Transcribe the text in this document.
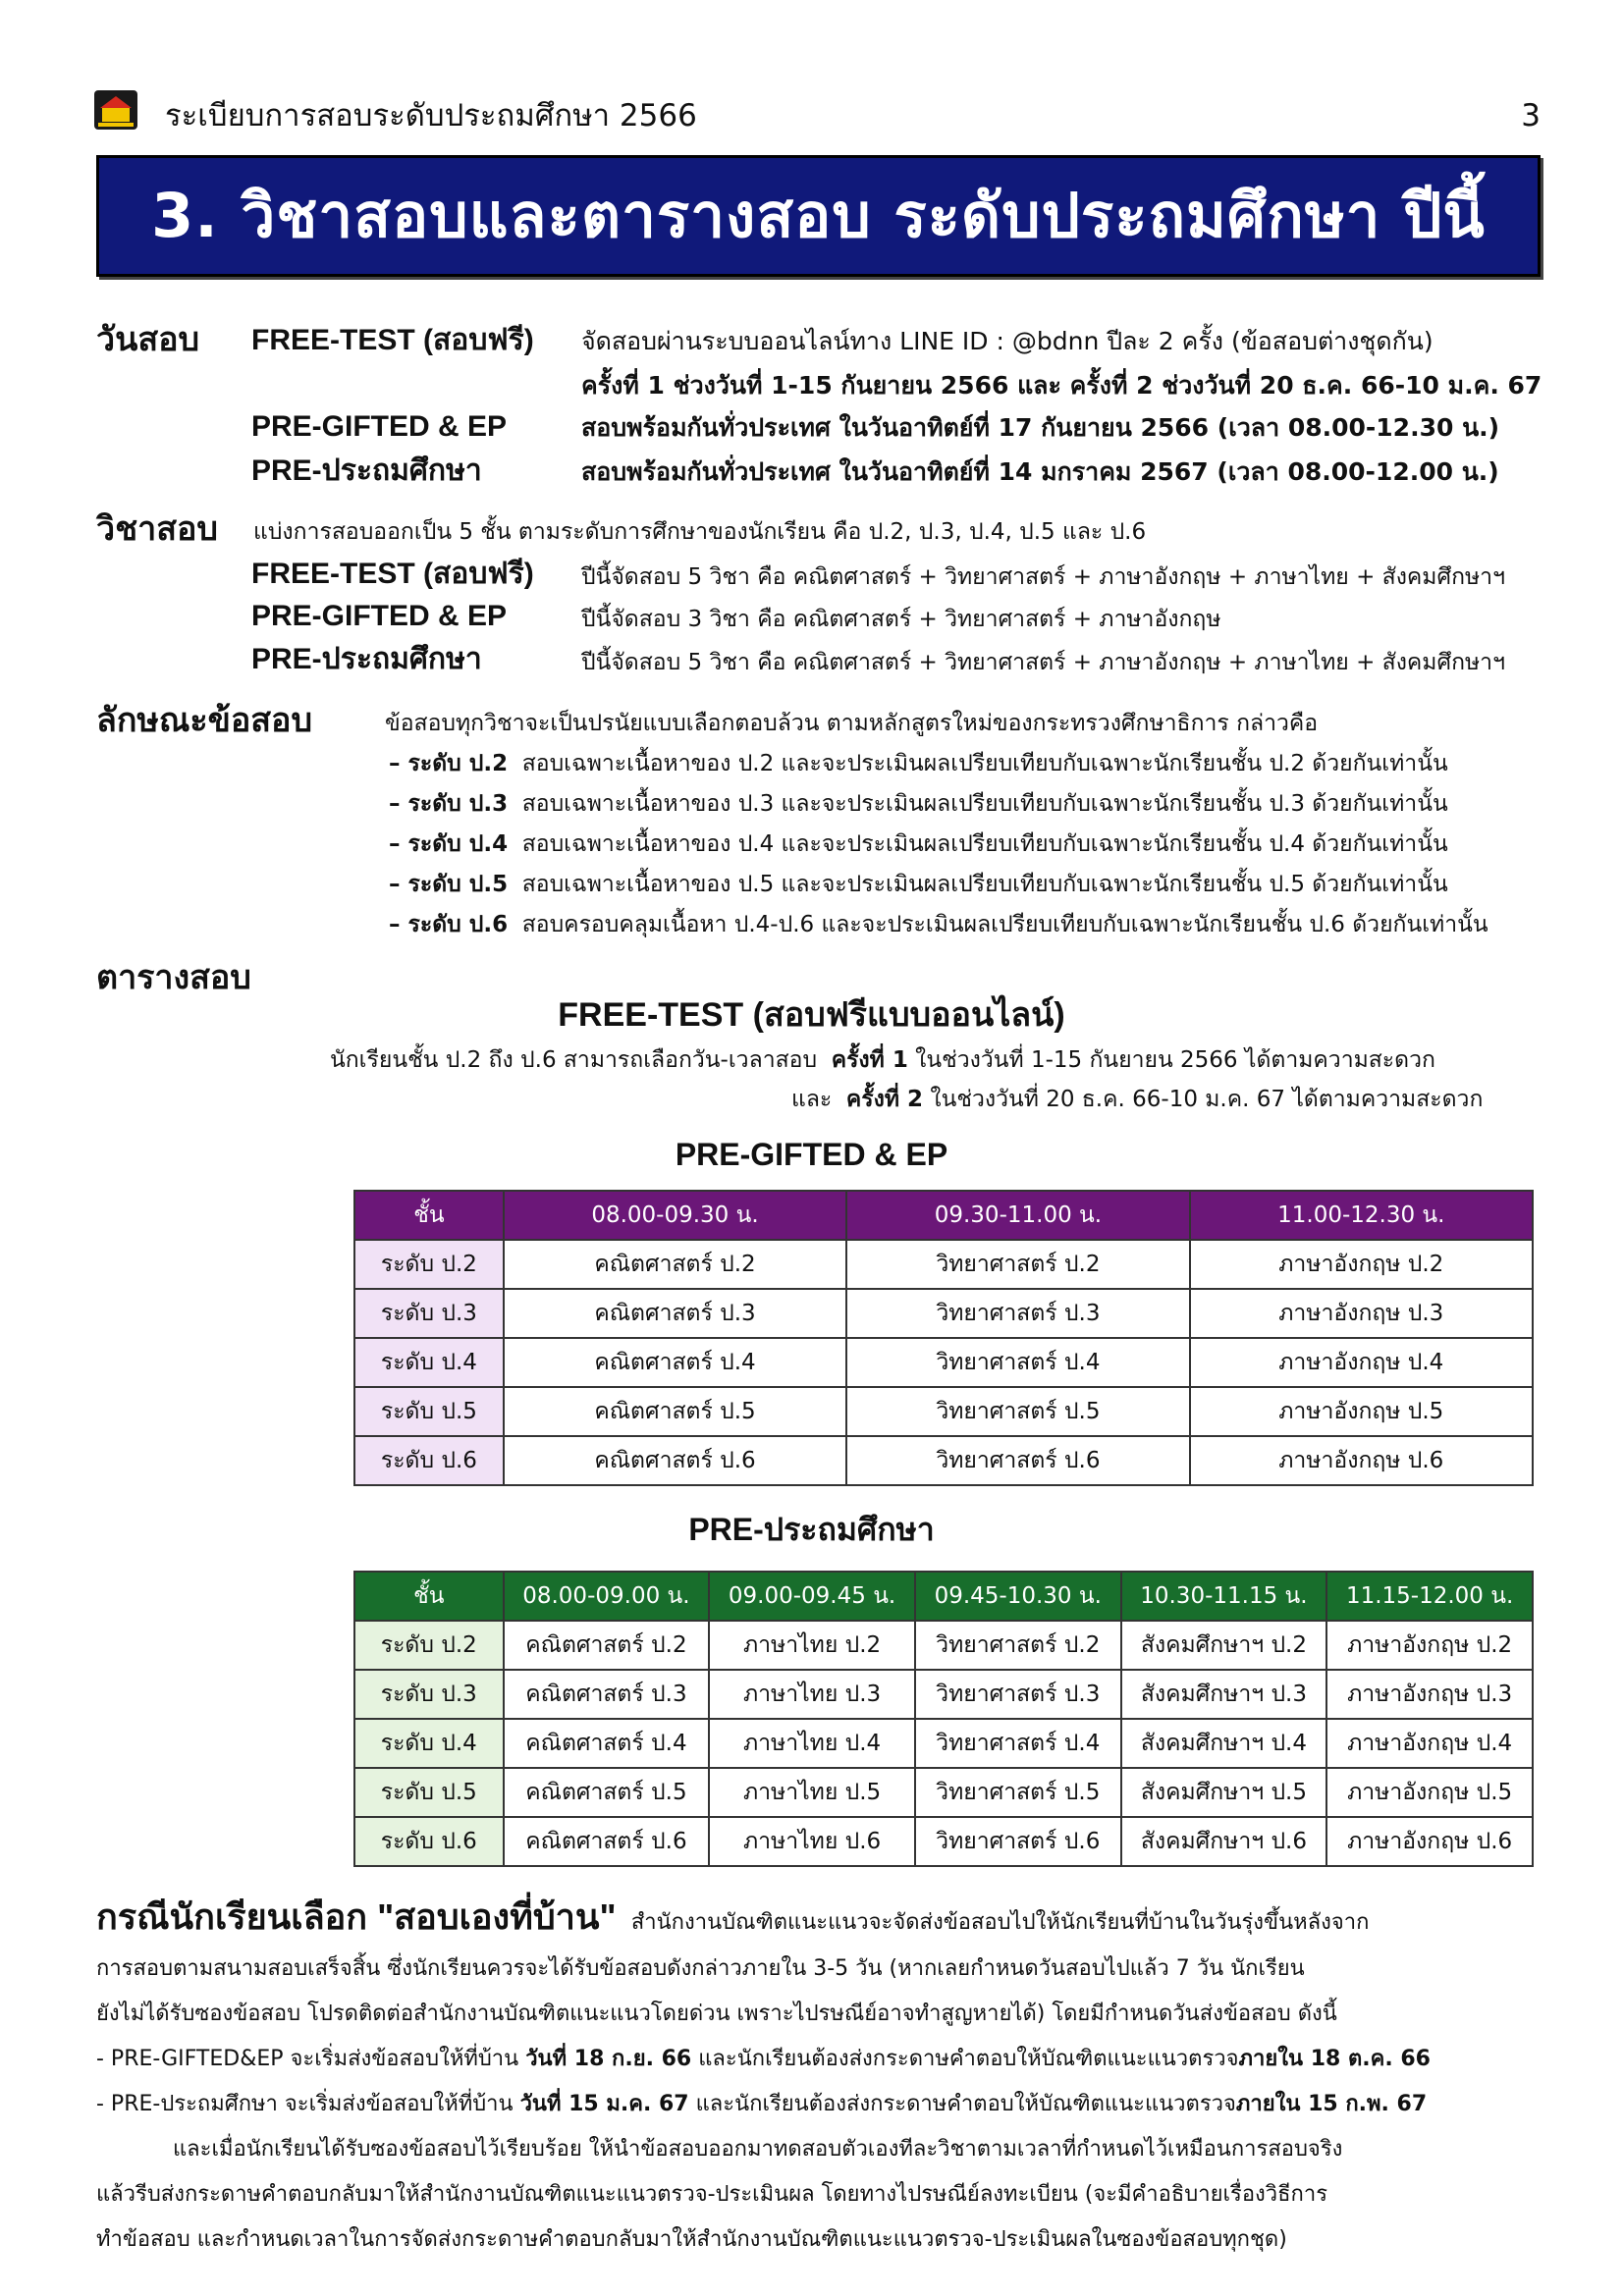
ระเบียบการสอบระดับประถมศึกษา 2566	3
3. วิชาสอบและตารางสอบ ระดับประถมศึกษา ปีนี้
วันสอบ FREE-TEST (สอบฟรี) จัดสอบผ่านระบบออนไลน์ทาง LINE ID : @bdnn ปีละ 2 ครั้ง (ข้อสอบต่างชุดกัน)
ครั้งที่ 1 ช่วงวันที่ 1-15 กันยายน 2566 และ ครั้งที่ 2 ช่วงวันที่ 20 ธ.ค. 66-10 ม.ค. 67
PRE-GIFTED & EP	สอบพร้อมกันทั่วประเทศ ในวันอาทิตย์ที่ 17 กันยายน 2566 (เวลา 08.00-12.30 น.)
PRE-ประถมศึกษา	สอบพร้อมกันทั่วประเทศ ในวันอาทิตย์ที่ 14 มกราคม 2567 (เวลา 08.00-12.00 น.)
วิชาสอบ แบ่งการสอบออกเป็น 5 ชั้น ตามระดับการศึกษาของนักเรียน คือ ป.2, ป.3, ป.4, ป.5 และ ป.6
FREE-TEST (สอบฟรี) ปีนี้จัดสอบ 5 วิชา คือ คณิตศาสตร์ + วิทยาศาสตร์ + ภาษาอังกฤษ + ภาษาไทย + สังคมศึกษาฯ
PRE-GIFTED & EP	ปีนี้จัดสอบ 3 วิชา คือ คณิตศาสตร์ + วิทยาศาสตร์ + ภาษาอังกฤษ
PRE-ประถมศึกษา	ปีนี้จัดสอบ 5 วิชา คือ คณิตศาสตร์ + วิทยาศาสตร์ + ภาษาอังกฤษ + ภาษาไทย + สังคมศึกษาฯ
ลักษณะข้อสอบ	ข้อสอบทุกวิชาจะเป็นปรนัยแบบเลือกตอบล้วน ตามหลักสูตรใหม่ของกระทรวงศึกษาธิการ กล่าวคือ
– ระดับ ป.2 สอบเฉพาะเนื้อหาของ ป.2 และจะประเมินผลเปรียบเทียบกับเฉพาะนักเรียนชั้น ป.2 ด้วยกันเท่านั้น
– ระดับ ป.3 สอบเฉพาะเนื้อหาของ ป.3 และจะประเมินผลเปรียบเทียบกับเฉพาะนักเรียนชั้น ป.3 ด้วยกันเท่านั้น
– ระดับ ป.4 สอบเฉพาะเนื้อหาของ ป.4 และจะประเมินผลเปรียบเทียบกับเฉพาะนักเรียนชั้น ป.4 ด้วยกันเท่านั้น
– ระดับ ป.5 สอบเฉพาะเนื้อหาของ ป.5 และจะประเมินผลเปรียบเทียบกับเฉพาะนักเรียนชั้น ป.5 ด้วยกันเท่านั้น
– ระดับ ป.6 สอบครอบคลุมเนื้อหา ป.4-ป.6 และจะประเมินผลเปรียบเทียบกับเฉพาะนักเรียนชั้น ป.6 ด้วยกันเท่านั้น
ตารางสอบ
FREE-TEST (สอบฟรีแบบออนไลน์)
นักเรียนชั้น ป.2 ถึง ป.6 สามารถเลือกวัน-เวลาสอบ ครั้งที่ 1 ในช่วงวันที่ 1-15 กันยายน 2566 ได้ตามความสะดวก
และ ครั้งที่ 2 ในช่วงวันที่ 20 ธ.ค. 66-10 ม.ค. 67 ได้ตามความสะดวก
PRE-GIFTED & EP
ชั้น	08.00-09.30 น.	09.30-11.00 น.	11.00-12.30 น.
ระดับ ป.2	คณิตศาสตร์ ป.2	วิทยาศาสตร์ ป.2	ภาษาอังกฤษ ป.2
ระดับ ป.3	คณิตศาสตร์ ป.3	วิทยาศาสตร์ ป.3	ภาษาอังกฤษ ป.3
ระดับ ป.4	คณิตศาสตร์ ป.4	วิทยาศาสตร์ ป.4	ภาษาอังกฤษ ป.4
ระดับ ป.5	คณิตศาสตร์ ป.5	วิทยาศาสตร์ ป.5	ภาษาอังกฤษ ป.5
ระดับ ป.6	คณิตศาสตร์ ป.6	วิทยาศาสตร์ ป.6	ภาษาอังกฤษ ป.6
PRE-ประถมศึกษา
ชั้น	08.00-09.00 น.	09.00-09.45 น.	09.45-10.30 น.	10.30-11.15 น.	11.15-12.00 น.
ระดับ ป.2	คณิตศาสตร์ ป.2	ภาษาไทย ป.2	วิทยาศาสตร์ ป.2	สังคมศึกษาฯ ป.2	ภาษาอังกฤษ ป.2
ระดับ ป.3	คณิตศาสตร์ ป.3	ภาษาไทย ป.3	วิทยาศาสตร์ ป.3	สังคมศึกษาฯ ป.3	ภาษาอังกฤษ ป.3
ระดับ ป.4	คณิตศาสตร์ ป.4	ภาษาไทย ป.4	วิทยาศาสตร์ ป.4	สังคมศึกษาฯ ป.4	ภาษาอังกฤษ ป.4
ระดับ ป.5	คณิตศาสตร์ ป.5	ภาษาไทย ป.5	วิทยาศาสตร์ ป.5	สังคมศึกษาฯ ป.5	ภาษาอังกฤษ ป.5
ระดับ ป.6	คณิตศาสตร์ ป.6	ภาษาไทย ป.6	วิทยาศาสตร์ ป.6	สังคมศึกษาฯ ป.6	ภาษาอังกฤษ ป.6
กรณีนักเรียนเลือก "สอบเองที่บ้าน" สำนักงานบัณฑิตแนะแนวจะจัดส่งข้อสอบไปให้นักเรียนที่บ้านในวันรุ่งขึ้นหลังจาก
การสอบตามสนามสอบเสร็จสิ้น ซึ่งนักเรียนควรจะได้รับข้อสอบดังกล่าวภายใน 3-5 วัน (หากเลยกำหนดวันสอบไปแล้ว 7 วัน นักเรียน
ยังไม่ได้รับซองข้อสอบ โปรดติดต่อสำนักงานบัณฑิตแนะแนวโดยด่วน เพราะไปรษณีย์อาจทำสูญหายได้) โดยมีกำหนดวันส่งข้อสอบ ดังนี้
- PRE-GIFTED&EP จะเริ่มส่งข้อสอบให้ที่บ้าน วันที่ 18 ก.ย. 66 และนักเรียนต้องส่งกระดาษคำตอบให้บัณฑิตแนะแนวตรวจภายใน 18 ต.ค. 66
- PRE-ประถมศึกษา จะเริ่มส่งข้อสอบให้ที่บ้าน วันที่ 15 ม.ค. 67 และนักเรียนต้องส่งกระดาษคำตอบให้บัณฑิตแนะแนวตรวจภายใน 15 ก.พ. 67
และเมื่อนักเรียนได้รับซองข้อสอบไว้เรียบร้อย ให้นำข้อสอบออกมาทดสอบตัวเองทีละวิชาตามเวลาที่กำหนดไว้เหมือนการสอบจริง
แล้วรีบส่งกระดาษคำตอบกลับมาให้สำนักงานบัณฑิตแนะแนวตรวจ-ประเมินผล โดยทางไปรษณีย์ลงทะเบียน (จะมีคำอธิบายเรื่องวิธีการ
ทำข้อสอบ และกำหนดเวลาในการจัดส่งกระดาษคำตอบกลับมาให้สำนักงานบัณฑิตแนะแนวตรวจ-ประเมินผลในซองข้อสอบทุกชุด)
